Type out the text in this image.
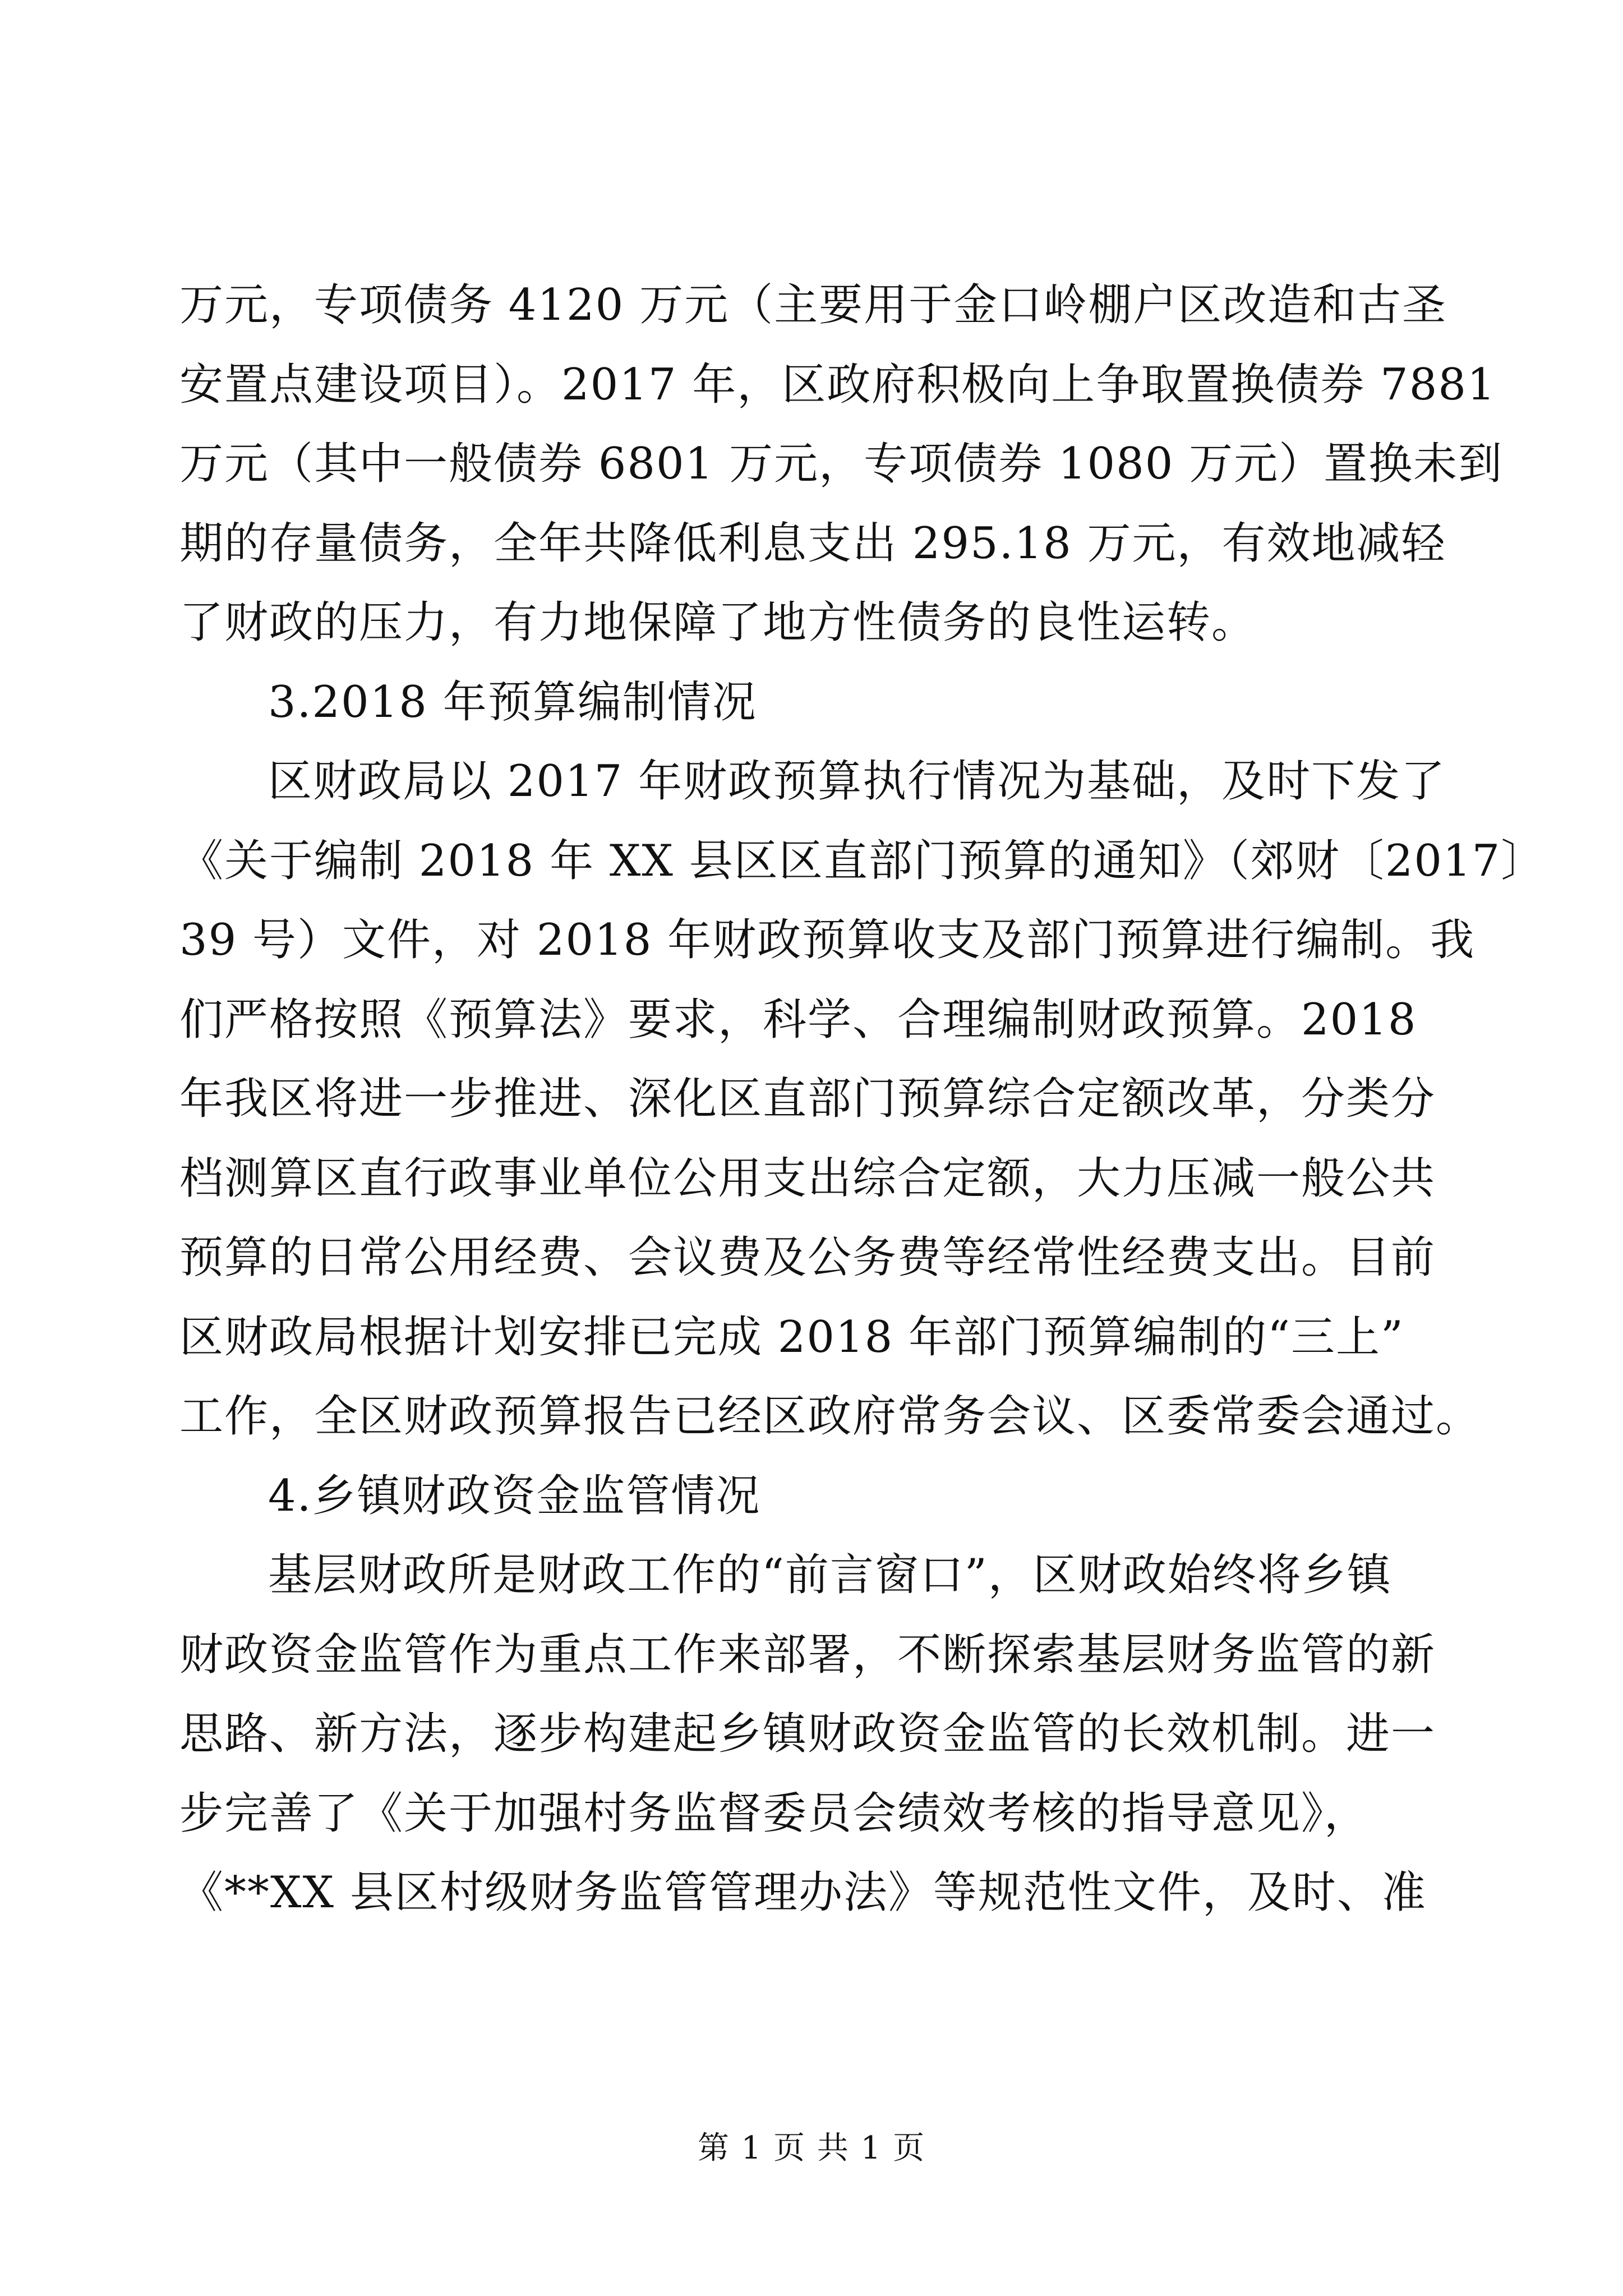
万元，专项债务 4120 万元（主要用于金口岭棚户区改造和古圣
安置点建设项目）。2017 年，区政府积极向上争取置换债券 7881
万元（其中一般债券 6801 万元，专项债券 1080 万元）置换未到
期的存量债务，全年共降低利息支出 295.18 万元，有效地减轻
了财政的压力，有力地保障了地方性债务的良性运转。
3.2018 年预算编制情况
区财政局以 2017 年财政预算执行情况为基础，及时下发了
《关于编制 2018 年 XX 县区区直部门预算的通知》（郊财〔2017〕
39 号）文件，对 2018 年财政预算收支及部门预算进行编制。我
们严格按照《预算法》要求，科学、合理编制财政预算。2018
年我区将进一步推进、深化区直部门预算综合定额改革，分类分
档测算区直行政事业单位公用支出综合定额，大力压减一般公共
预算的日常公用经费、会议费及公务费等经常性经费支出。目前
区财政局根据计划安排已完成 2018 年部门预算编制的“三上”
工作，全区财政预算报告已经区政府常务会议、区委常委会通过。
4.乡镇财政资金监管情况
基层财政所是财政工作的“前言窗口”，区财政始终将乡镇
财政资金监管作为重点工作来部署，不断探索基层财务监管的新
思路、新方法，逐步构建起乡镇财政资金监管的长效机制。进一
步完善了《关于加强村务监督委员会绩效考核的指导意见》，
《**XX 县区村级财务监管管理办法》等规范性文件，及时、准
第 1 页 共 1 页
